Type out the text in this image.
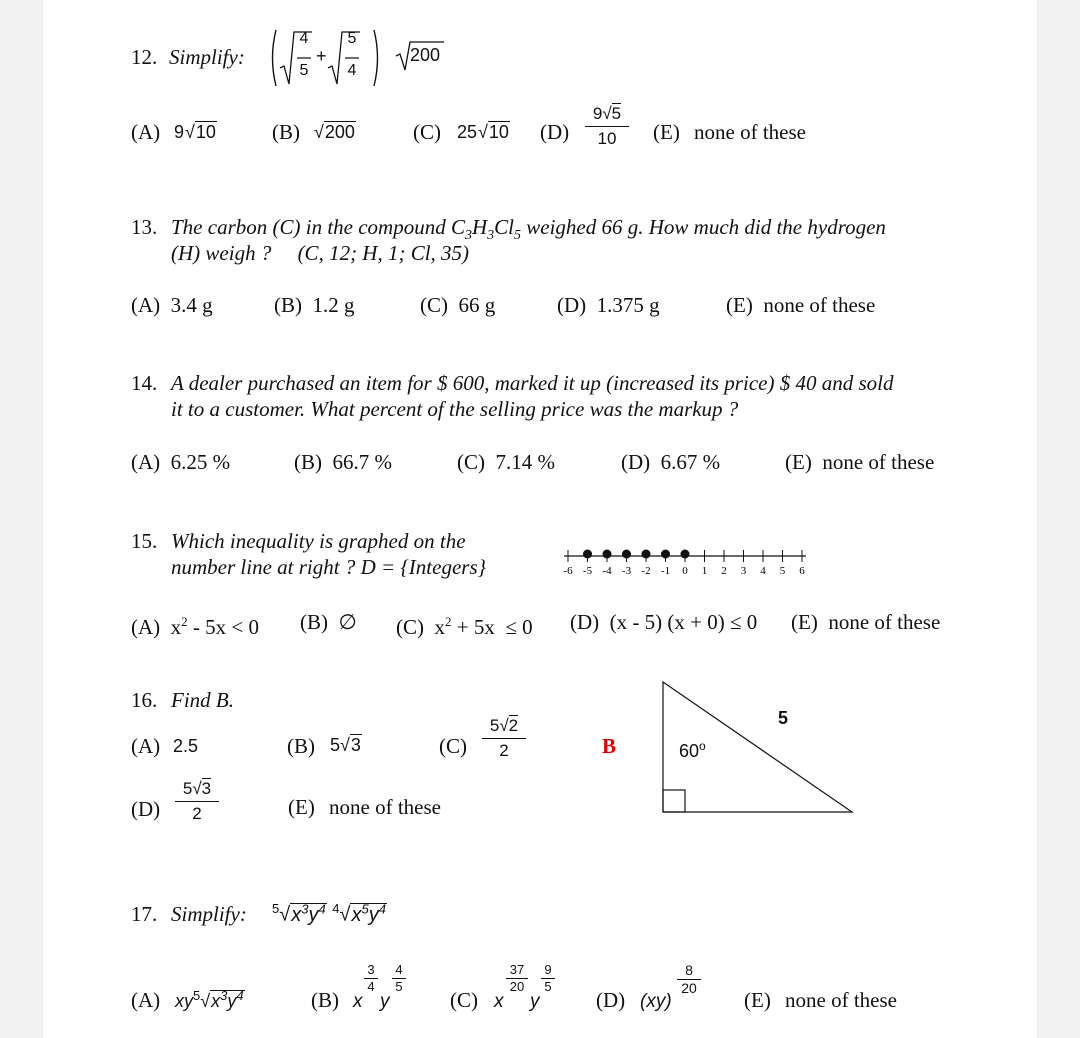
12. Simplify:
4
5
+
5
4
200
(A) 9 √10	(B) √200	(C) 25 √10 (D)
9√5
10	(E) none of these
13. The carbon (C) in the compound $C_3H_3Cl_5$ weighed 66 g. How much did the hydrogen
(H) weigh ?     (C, 12; H, 1; Cl, 35)
(A)  3.4 g	(B)  1.2 g	(C)  66 g	(D)  1.375 g	(E)  none of these
14. A dealer purchased an item for $ 600, marked it up (increased its price) $ 40 and sold
it to a customer. What percent of the selling price was the markup ?
(A)  6.25 %	(B)  66.7 %	(C)  7.14 %	(D)  6.67 %	(E)  none of these
15. Which inequality is graphed on the
number line at right ? D = {Integers}	-6 -5 -4 -3 -2 -1 0 1 2 3 4 5 6
(A)  $x^2 - 5x < 0$ (B)  ∅ (C)  $x^2 + 5x \le 0$ (D)  (x - 5) (x + 0) ≤ 0 (E)  none of these
16. Find B.
(A) 2.5	(B) 5√3	(C)
5√2
2
(D)
5√3
2	(E) none of these
B
5
60$^o$
17. Simplify: $^5√x^3y^4$ $^4√x^5y^4$
(A) $xy^5√x^3y^4$	(B) x
3
4
y
4
5
(C) x
37
20
y
9
5
(D) (xy)
8
20 (E) none of these
